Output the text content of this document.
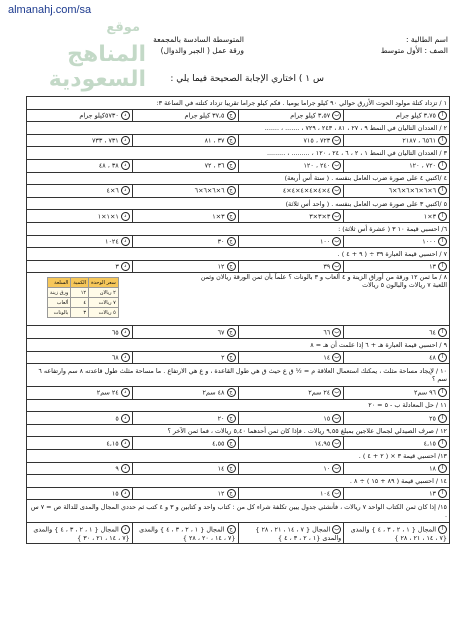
almanahj.com/sa
موقع
المناهج السعودية
اسم الطالبة :
الصف : الأول متوسط
المتوسطة السادسة بالمجمعة
ورقة عمل ( الجبر والدوال)
س ١ ) اختاري الإجابة الصحيحة فيما يلي :
١ / تزداد كتلة مولود الحوت الأزرق حوالي ٩٠ كيلو جراما يوميا . فكم كيلو جراما تقريبا تزداد كتلته في الساعة ٣:
أ٣,٧٥ كيلو جرام	ب٣,٥٧ كيلو جرام	ج٣٧,٥ كيلو جرام	د٥٧٣٠كيلو جرام
٢ / العددان التاليان في النمط ٩ ، ٢٧ ، ٨١ ، ٢٤٣ ، ٧٢٩ ، ....... ، .......
أ٦٥٦١ ، ٢١٨٧	ب٧٢٣ ، ٧١٥	ج٣٧ ، ٨١	د٧٣١ ، ٧٣٣
٣ / العددان التاليان في النمط ١ ، ٢ ، ٦ ، ٢٤ ، ١٢٠ ، ......... ، .........
أ٧٢٠ ، ١٢٠	ب٢٤٠ ، ١٢٠	ج٣٦ ، ٧٢	د٣٨ ، ٤٨
٤ /اكتبي ٤ على صورة ضرب العامل بنفسه . ( ستة أس أربعة)
أ٦×٦×٦×٦×٦×٦	ب٤×٤×٤×٤×٤×٤	ج٦×٦×٦×٦	د٦×٤
٥ /اكتبي ٣ على صورة ضرب العامل بنفسه . ( واحد أس ثلاثة)
أ٣×١	ب٣×٣×٣	ج٣×١	د١×١×١
٦/ احسبي قيمة ١٠ ٣ ( عشرة أس ثلاثة) :
أ١٠٠٠	ب١٠٠	ج٣٠	د١٠٢٤
٧ / احسبي قيمة العبارة ٣٩ ÷ ( ٩ + ٤ ) .
أ١٣	ب٣٩	ج١٢	د٣

٨ / ما ثمن ١٢ ورقة من أوراق الزينة و ٤ ألعاب و ٣ بالونات ؟ علماً بأن ثمن الورقة ريالان وثمن اللعبة ٧ ريالات والبالون ٥ ريالات
سعر الوحدة	الكمية	السلعة
٢ ريالان	١٢	ورق زينة
٧ ريالات	٤	ألعاب
٥ ريالات	٣	بالونات

أ٦٤	ب٦٦	ج٦٧	د٦٥
٩ / احسبي قيمة العبارة هـ + ٦ إذا علمت أن هـ = ٨
أ٤٨	ب١٤	ج٢	د٦٨
١٠ / لإيجاد مساحة مثلث ، يمكنك استعمال العلاقة م = ½ ق ع حيث ق هي طول القاعدة ، و ع هي الارتفاع . ما مساحة مثلث طول قاعدته ٨ سم وارتفاعه ٦ سم ؟
أ٩٦ سم٢	ب٢٤ سم٢	ج٤٨ سم٢	د٢٤ سم٢
١١ / حل المعادلة ب - ٥ = ٢٠
أ٢٥	ب١٥	ج٢٠	د٥
١٢ / صرف الصيدلي لجمال علاجين بمبلغ ٩,٥٥ ريالات . فإذا كان ثمن أحدهما ٥,٤٠ ريالات ، فما ثمن الآخر ؟
أ٤,١٥	ب١٤,٩٥	ج٤,٥٥	د٤,١٥
١٣/ احسبي قيمة ٣ × ( ٢ + ٤ ) .
أ١٨	ب١٠	ج١٤	د٩
١٤ / احسبي قيمة ( ٨٩ + ١٥ ) ÷ ٨ .
أ١٣	ب١٠٤	ج١٢	د١٥
١٥/ إذا كان ثمن الكتاب الواحد ٧ ريالات ، فأنشئي جدول يبين تكلفة شراء كل من : كتاب واحد و كتابين و ٣ و ٤ كتب ثم حددي المجال والمدى للدالة ص = ٧ س .
أالمجال { ١ ، ٢ ، ٣ ، ٤ } والمدى {٧ ، ١٤ ، ٢١ ، ٢٨ }	بالمجال { ٧ ، ١٤ ، ٢١ ، ٢٨ } والمدى {١ ، ٢ ، ٣ ، ٤ }	جالمجال { ١ ، ٢ ، ٣ ، ٤ } والمدى {٧ ، ١٤ ، ٢٠ ، ٢٨ }	دالمجال { ١ ، ٢ ، ٣ ، ٤ } والمدى {٧ ، ١٤ ، ٢١ ، ٣٠ }
